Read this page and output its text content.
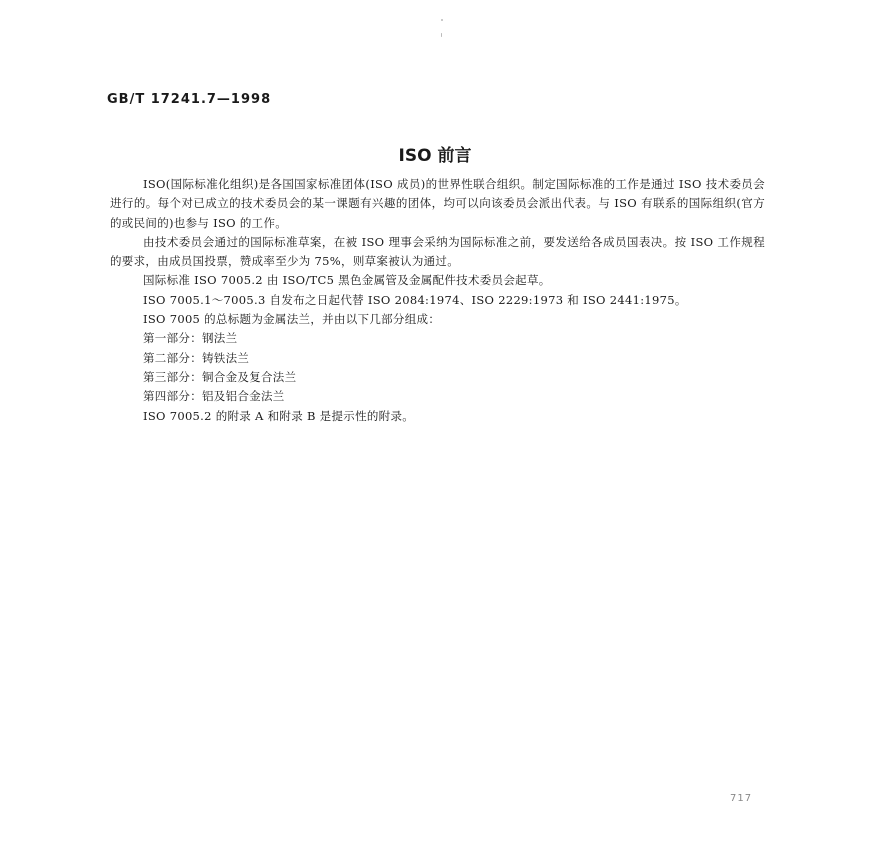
GB/T 17241.7—1998
ISO 前言

ISO(国际标准化组织)是各国国家标准团体(ISO 成员)的世界性联合组织。制定国际标准的工作是通过 ISO 技术委员会进行的。每个对已成立的技术委员会的某一课题有兴趣的团体，均可以向该委员会派出代表。与 ISO 有联系的国际组织(官方的或民间的)也参与 ISO 的工作。

由技术委员会通过的国际标准草案，在被 ISO 理事会采纳为国际标准之前，要发送给各成员国表决。按 ISO 工作规程的要求，由成员国投票，赞成率至少为 75%，则草案被认为通过。

国际标准 ISO 7005.2 由 ISO/TC5 黑色金属管及金属配件技术委员会起草。

ISO 7005.1～7005.3 自发布之日起代替 ISO 2084:1974、ISO 2229:1973 和 ISO 2441:1975。

ISO 7005 的总标题为金属法兰，并由以下几部分组成：

第一部分：钢法兰

第二部分：铸铁法兰

第三部分：铜合金及复合法兰

第四部分：铝及铝合金法兰

ISO 7005.2 的附录 A 和附录 B 是提示性的附录。

717
